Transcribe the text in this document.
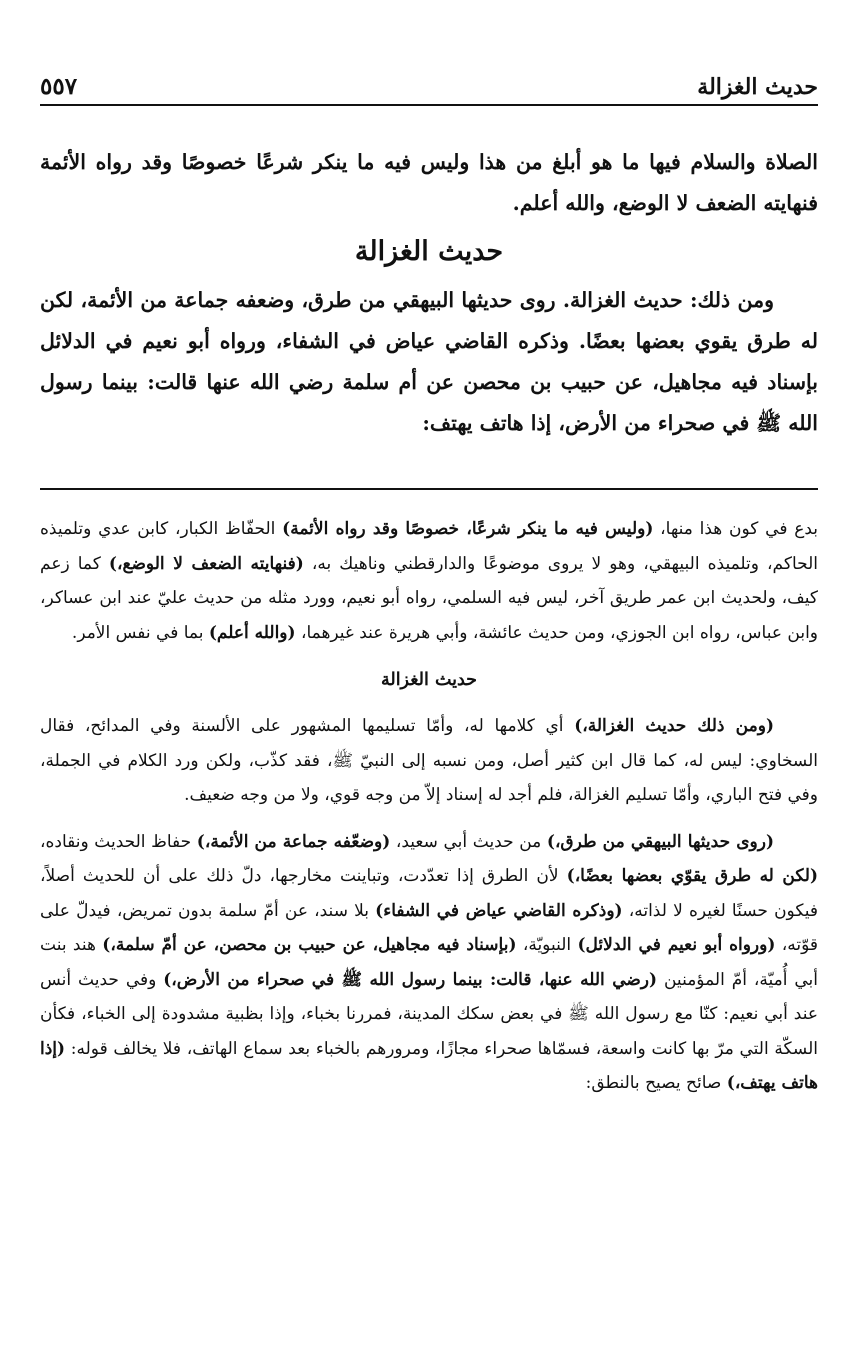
حديث الغزالة
٥٥٧

الصلاة والسلام فيها ما هو أبلغ من هذا وليس فيه ما ينكر شرعًا خصوصًا وقد رواه الأئمة فنهايته الضعف لا الوضع، والله أعلم.

حديث الغزالة

ومن ذلك: حديث الغزالة. روى حديثها البيهقي من طرق، وضعفه جماعة من الأئمة، لكن له طرق يقوي بعضها بعضًا. وذكره القاضي عياض في الشفاء، ورواه أبو نعيم في الدلائل بإسناد فيه مجاهيل، عن حبيب بن محصن عن أم سلمة رضي الله عنها قالت: بينما رسول الله ﷺ في صحراء من الأرض، إذا هاتف يهتف:

بدع في كون هذا منها، (وليس فيه ما ينكر شرعًا، خصوصًا وقد رواه الأئمة) الحفّاظ الكبار، كابن عدي وتلميذه الحاكم، وتلميذه البيهقي، وهو لا يروى موضوعًا والدارقطني وناهيك به، (فنهايته الضعف لا الوضع،) كما زعم كيف، ولحديث ابن عمر طريق آخر، ليس فيه السلمي، رواه أبو نعيم، وورد مثله من حديث عليّ عند ابن عساكر، وابن عباس، رواه ابن الجوزي، ومن حديث عائشة، وأبي هريرة عند غيرهما، (والله أعلم) بما في نفس الأمر.

حديث الغزالة

(ومن ذلك حديث الغزالة،) أي كلامها له، وأمّا تسليمها المشهور على الألسنة وفي المدائح، فقال السخاوي: ليس له، كما قال ابن كثير أصل، ومن نسبه إلى النبيّ ﷺ، فقد كذّب، ولكن ورد الكلام في الجملة، وفي فتح الباري، وأمّا تسليم الغزالة، فلم أجد له إسناد إلاّ من وجه قوي، ولا من وجه ضعيف.

(روى حديثها البيهقي من طرق،) من حديث أبي سعيد، (وضعّفه جماعة من الأئمة،) حفاظ الحديث ونقاده، (لكن له طرق يقوّي بعضها بعضًا،) لأن الطرق إذا تعدّدت، وتباينت مخارجها، دلّ ذلك على أن للحديث أصلاً، فيكون حسنًا لغيره لا لذاته، (وذكره القاضي عياض في الشفاء) بلا سند، عن أمّ سلمة بدون تمريض، فيدلّ على قوّته، (ورواه أبو نعيم في الدلائل) النبويّة، (بإسناد فيه مجاهيل، عن حبيب بن محصن، عن أمّ سلمة،) هند بنت أبي أُميّة، أمّ المؤمنين (رضي الله عنها، قالت: بينما رسول الله ﷺ في صحراء من الأرض،) وفي حديث أنس عند أبي نعيم: كنّا مع رسول الله ﷺ في بعض سكك المدينة، فمررنا بخباء، وإذا بظبية مشدودة إلى الخباء، فكأن السكّة التي مرّ بها كانت واسعة، فسمّاها صحراء مجازًا، ومرورهم بالخباء بعد سماع الهاتف، فلا يخالف قوله: (إذا هاتف يهتف،) صائح يصيح بالنطق:
